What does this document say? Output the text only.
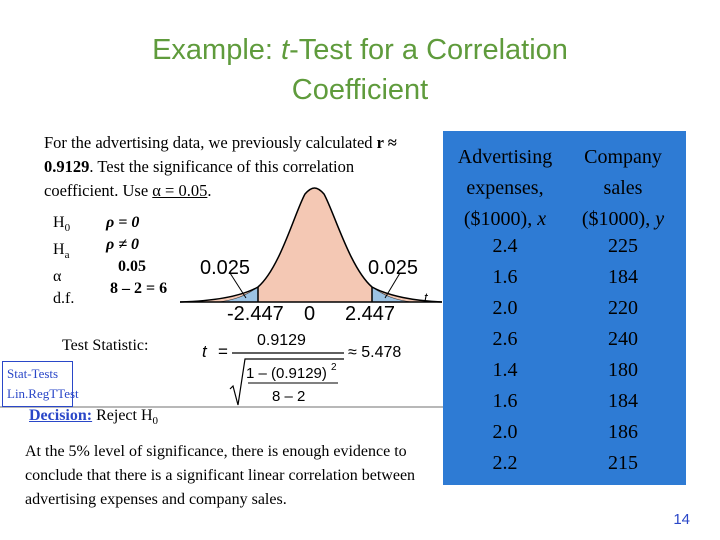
Example: t-Test for a Correlation
Coefficient
For the advertising data, we previously calculated r ≈ 0.9129. Test the significance of this correlation coefficient. Use α = 0.05.
$H_0$
$H_a$
α
d.f.
ρ = 0
ρ ≠ 0
0.05
8 – 2 = 6
0.025	0.025
-2.447 0 2.447
t
Test Statistic:	t =
0.9129
1 – (0.9129) 2
8 – 2
≈ 5.478
Stat-Tests
Lin.RegTTest
Decision: Reject $H_0$
At the 5% level of significance, there is enough evidence to conclude that there is a significant linear correlation between advertising expenses and company sales.
Advertising
expenses,
($1000), x
Company
sales
($1000), y
2.4
1.6
2.0
2.6
1.4
1.6
2.0
2.2
225
184
220
240
180
184
186
215
14
